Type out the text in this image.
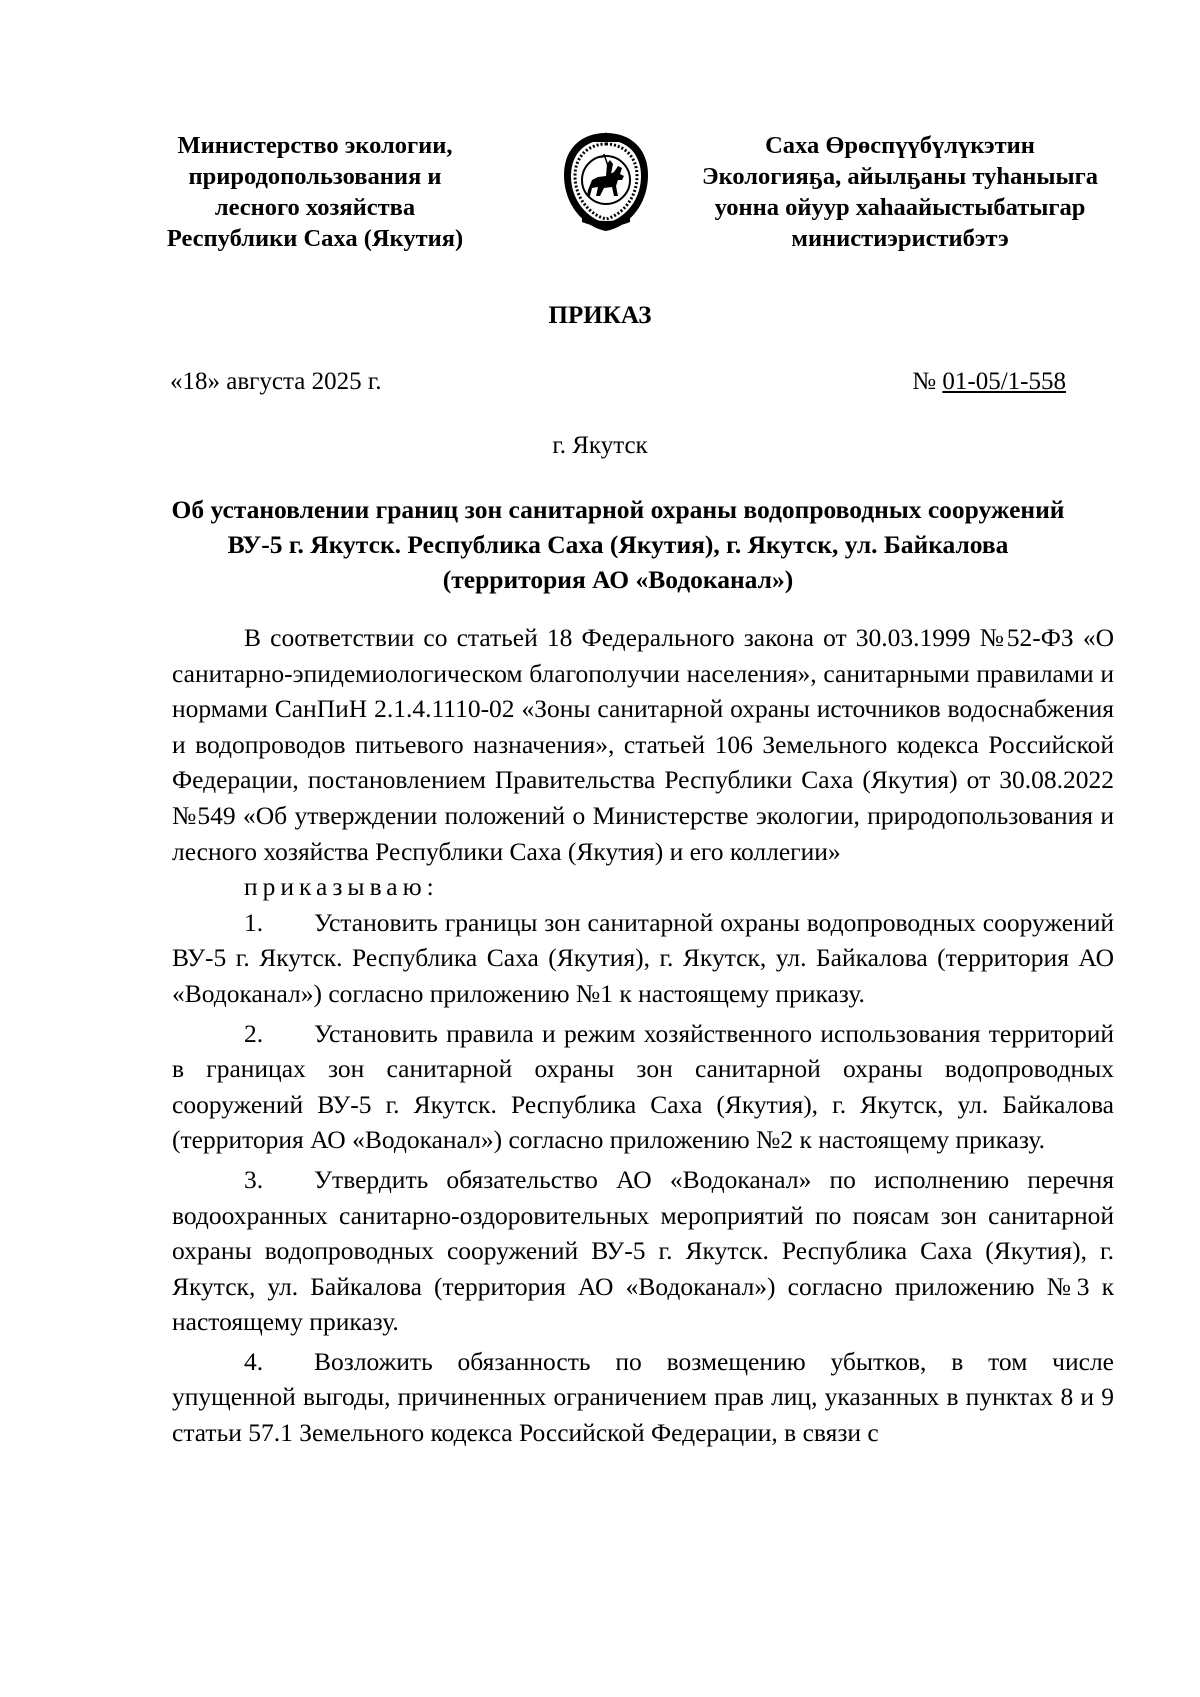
Министерство экологии,
природопользования и
лесного хозяйства
Республики Саха (Якутия)
Саха Өрөспүүбүлүкэтин
Экологияҕа, айылҕаны туһаныыга
уонна ойуур хаһаайыстыбатыгар
министиэристибэтэ
ПРИКАЗ
«18» августа 2025 г.	№ 01-05/1-558
г. Якутск
Об установлении границ зон санитарной охраны водопроводных сооружений ВУ-5 г. Якутск. Республика Саха (Якутия), г. Якутск, ул. Байкалова (территория АО «Водоканал»)

В соответствии со статьей 18 Федерального закона от 30.03.1999 №52-ФЗ «О санитарно-эпидемиологическом благополучии населения», санитарными правилами и нормами СанПиН 2.1.4.1110-02 «Зоны санитарной охраны источников водоснабжения и водопроводов питьевого назначения», статьей 106 Земельного кодекса Российской Федерации, постановлением Правительства Республики Саха (Якутия) от 30.08.2022 №549 «Об утверждении положений о Министерстве экологии, природопользования и лесного хозяйства Республики Саха (Якутия) и его коллегии»

приказываю:

1. Установить границы зон санитарной охраны водопроводных сооружений ВУ-5 г. Якутск. Республика Саха (Якутия), г. Якутск, ул. Байкалова (территория АО «Водоканал») согласно приложению №1 к настоящему приказу.

2. Установить правила и режим хозяйственного использования территорий в границах зон санитарной охраны зон санитарной охраны водопроводных сооружений ВУ-5 г. Якутск. Республика Саха (Якутия), г. Якутск, ул. Байкалова (территория АО «Водоканал») согласно приложению №2 к настоящему приказу.

3. Утвердить обязательство АО «Водоканал» по исполнению перечня водоохранных санитарно-оздоровительных мероприятий по поясам зон санитарной охраны водопроводных сооружений ВУ-5 г. Якутск. Республика Саха (Якутия), г. Якутск, ул. Байкалова (территория АО «Водоканал») согласно приложению №3 к настоящему приказу.

4. Возложить обязанность по возмещению убытков, в том числе упущенной выгоды, причиненных ограничением прав лиц, указанных в пунктах 8 и 9 статьи 57.1 Земельного кодекса Российской Федерации, в связи с
